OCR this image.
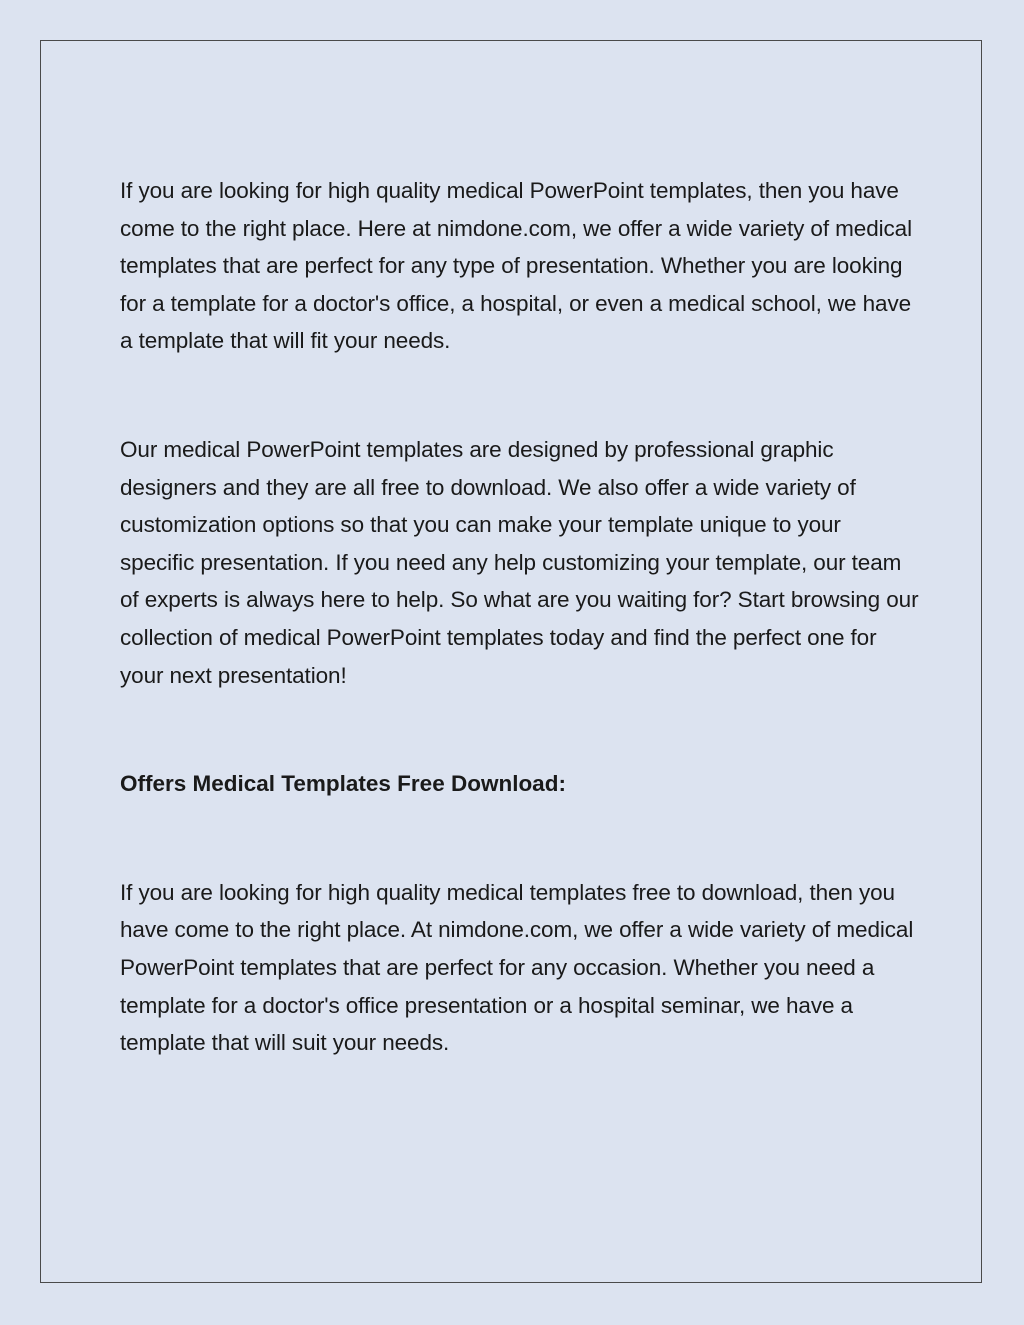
If you are looking for high quality medical PowerPoint templates, then you have come to the right place. Here at nimdone.com, we offer a wide variety of medical templates that are perfect for any type of presentation. Whether you are looking for a template for a doctor's office, a hospital, or even a medical school, we have a template that will fit your needs.

Our medical PowerPoint templates are designed by professional graphic designers and they are all free to download. We also offer a wide variety of customization options so that you can make your template unique to your specific presentation. If you need any help customizing your template, our team of experts is always here to help. So what are you waiting for? Start browsing our collection of medical PowerPoint templates today and find the perfect one for your next presentation!

Offers Medical Templates Free Download:

If you are looking for high quality medical templates free to download, then you have come to the right place. At nimdone.com, we offer a wide variety of medical PowerPoint templates that are perfect for any occasion. Whether you need a template for a doctor's office presentation or a hospital seminar, we have a template that will suit your needs.
